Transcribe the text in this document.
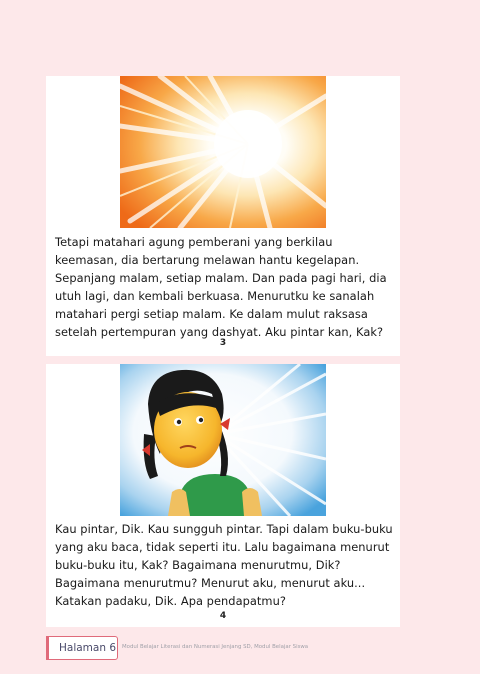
Tetapi matahari agung pemberani yang berkilau keemasan, dia bertarung melawan hantu kegelapan. Sepanjang malam, setiap malam. Dan pada pagi hari, dia utuh lagi, dan kembali berkuasa. Menurutku ke sanalah matahari pergi setiap malam. Ke dalam mulut raksasa setelah pertempuran yang dashyat. Aku pintar kan, Kak?

3

Kau pintar, Dik. Kau sungguh pintar. Tapi dalam buku-buku yang aku baca, tidak seperti itu. Lalu bagaimana menurut buku-buku itu, Kak? Bagaimana menurutmu, Dik? Bagaimana menurutmu? Menurut aku, menurut aku... Katakan padaku, Dik. Apa pendapatmu?

4
Halaman 6	Modul Belajar Literasi dan Numerasi Jenjang SD, Modul Belajar Siswa
